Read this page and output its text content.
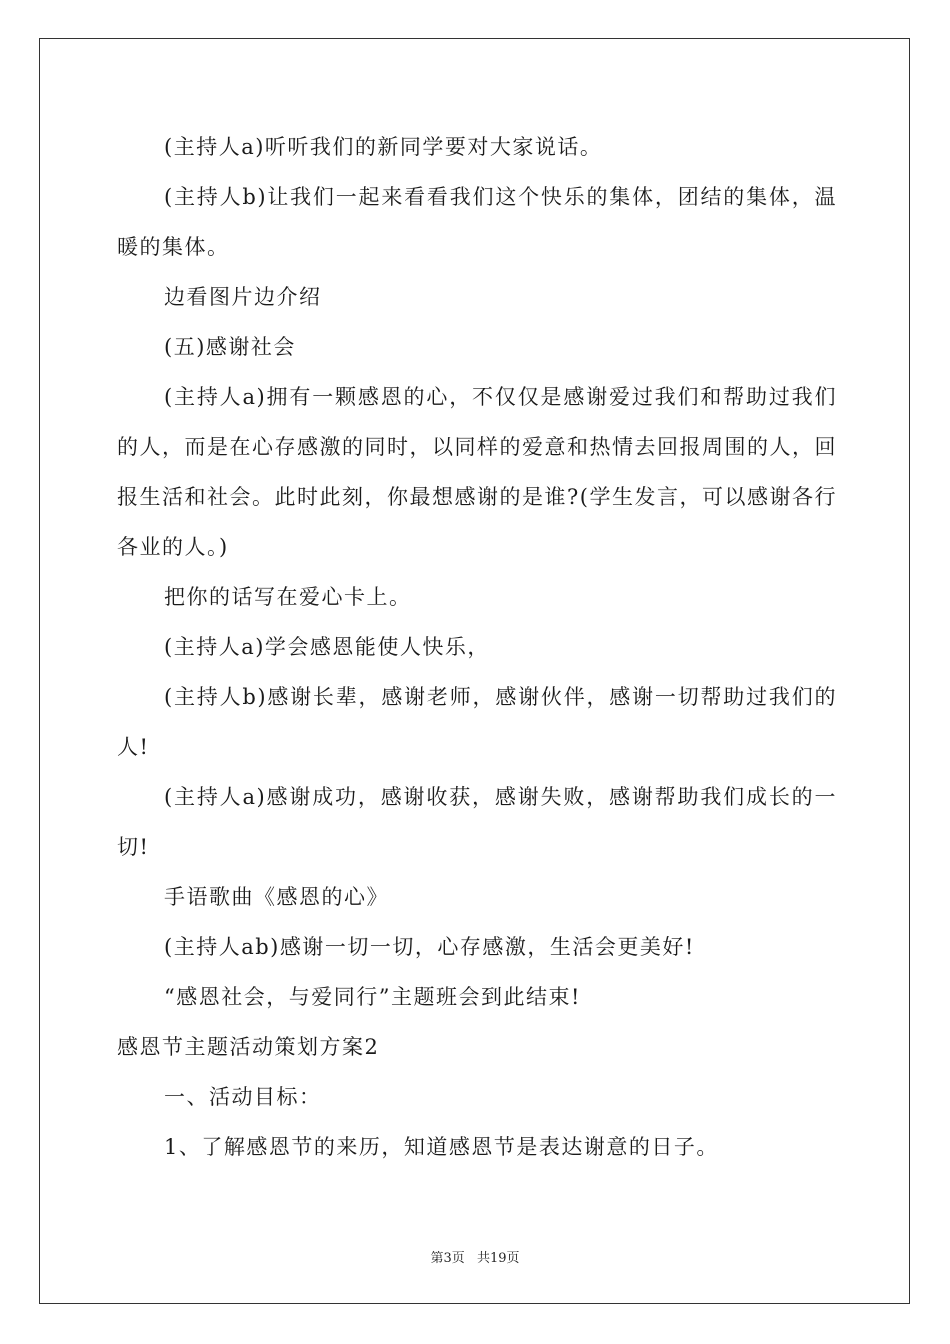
(主持人a)听听我们的新同学要对大家说话。

(主持人b)让我们一起来看看我们这个快乐的集体，团结的集体，温暖的集体。

边看图片边介绍

(五)感谢社会

(主持人a)拥有一颗感恩的心，不仅仅是感谢爱过我们和帮助过我们的人，而是在心存感激的同时，以同样的爱意和热情去回报周围的人，回报生活和社会。此时此刻，你最想感谢的是谁?(学生发言，可以感谢各行各业的人。)

把你的话写在爱心卡上。

(主持人a)学会感恩能使人快乐，

(主持人b)感谢长辈，感谢老师，感谢伙伴，感谢一切帮助过我们的人!

(主持人a)感谢成功，感谢收获，感谢失败，感谢帮助我们成长的一切!

手语歌曲《感恩的心》

(主持人ab)感谢一切一切，心存感激，生活会更美好!

“感恩社会，与爱同行”主题班会到此结束!

感恩节主题活动策划方案2

一、活动目标：

1、了解感恩节的来历，知道感恩节是表达谢意的日子。

第3页 共19页
